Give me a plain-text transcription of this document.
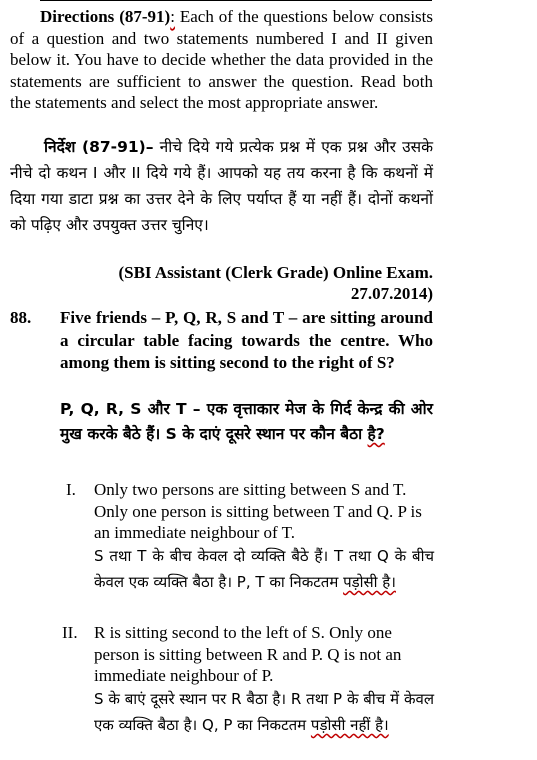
Directions (87-91): Each of the questions below consists of a question and two statements numbered I and II given below it. You have to decide whether the data provided in the statements are sufficient to answer the question. Read both the statements and select the most appropriate answer.

निर्देश (87-91)– नीचे दिये गये प्रत्येक प्रश्न में एक प्रश्न और उसके नीचे दो कथन I और II दिये गये हैं। आपको यह तय करना है कि कथनों में दिया गया डाटा प्रश्न का उत्तर देने के लिए पर्याप्त हैं या नहीं हैं। दोनों कथनों को पढ़िए और उपयुक्त उत्तर चुनिए।

(SBI Assistant (Clerk Grade) Online Exam.
27.07.2014)
88. Five friends – P, Q, R, S and T – are sitting around a circular table facing towards the centre. Who among them is sitting second to the right of S?

P, Q, R, S और T – एक वृत्ताकार मेज के गिर्द केन्द्र की ओर मुख करके बैठे हैं। S के दाएं दूसरे स्थान पर कौन बैठा है?

I. Only two persons are sitting between S and T. Only one person is sitting between T and Q. P is an immediate neighbour of T.

S तथा T के बीच केवल दो व्यक्ति बैठे हैं। T तथा Q के बीच केवल एक व्यक्ति बैठा है। P, T का निकटतम पड़ोसी है।

II. R is sitting second to the left of S. Only one person is sitting between R and P. Q is not an immediate neighbour of P.

S के बाएं दूसरे स्थान पर R बैठा है। R तथा P के बीच में केवल एक व्यक्ति बैठा है। Q, P का निकटतम पड़ोसी नहीं है।
